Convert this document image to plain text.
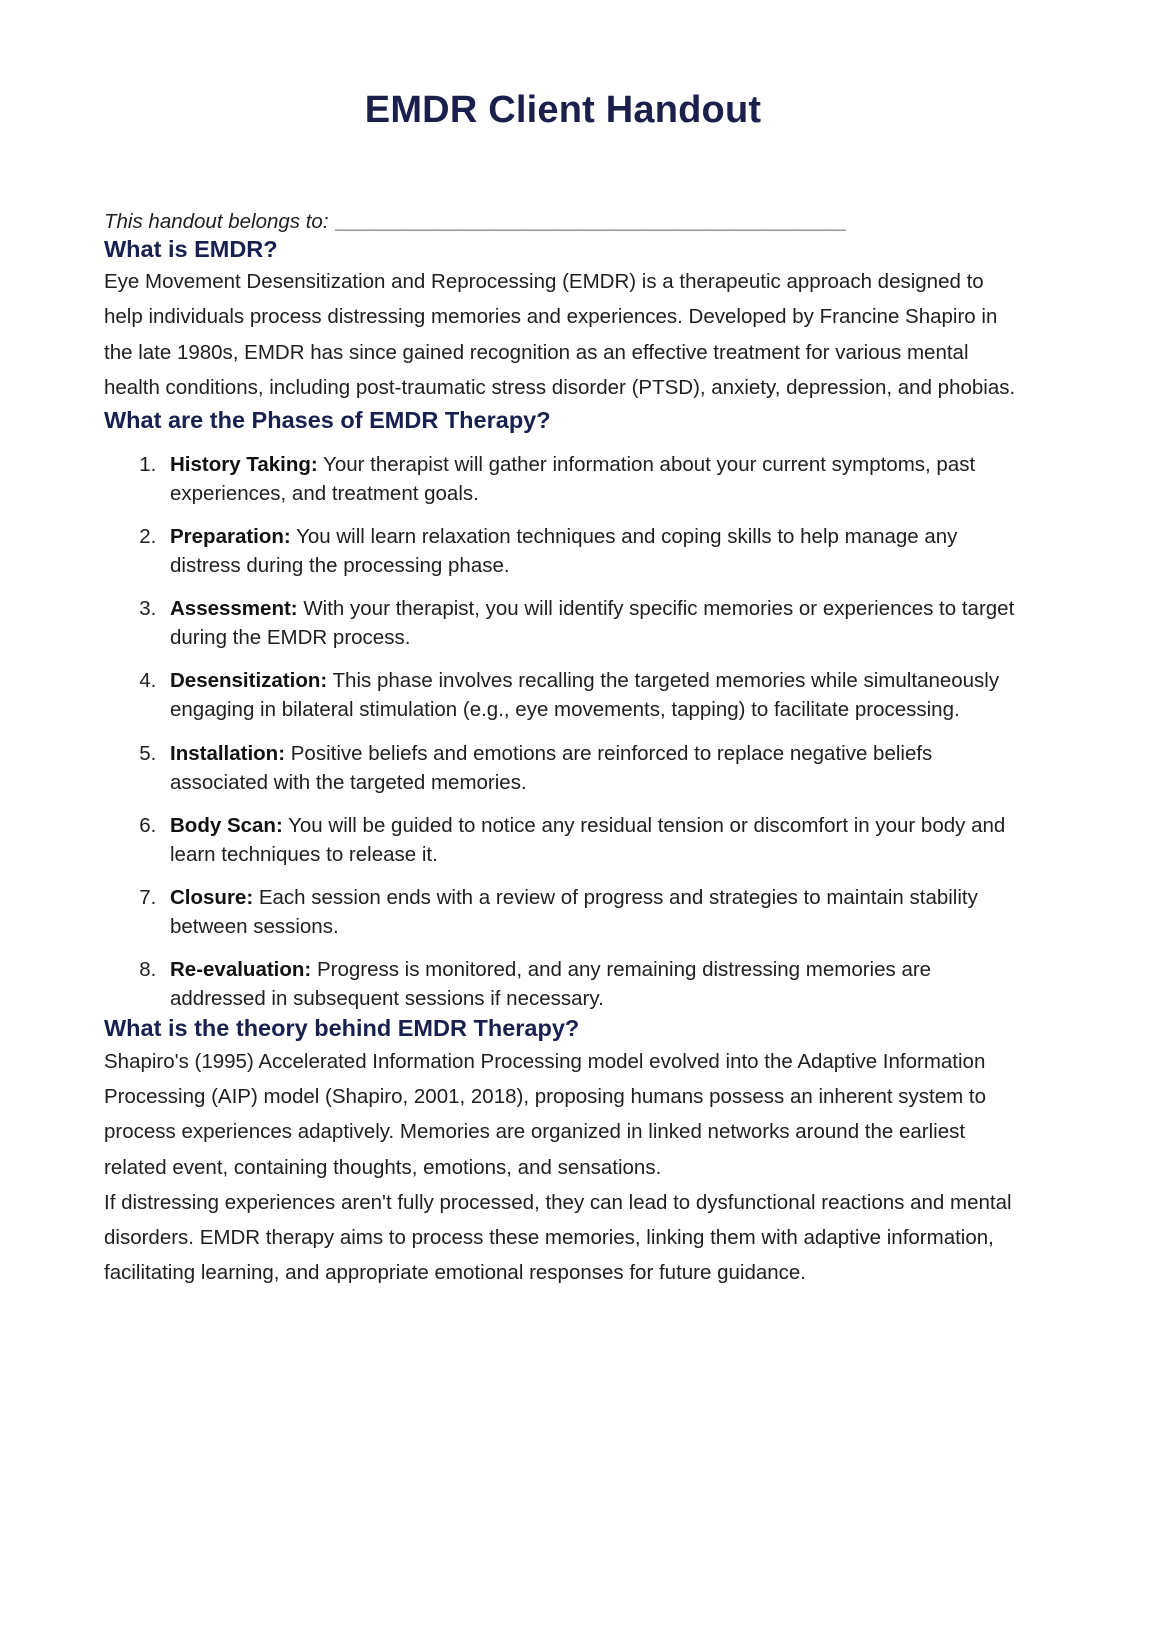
EMDR Client Handout
This handout belongs to: _______________________________________________
What is EMDR?

Eye Movement Desensitization and Reprocessing (EMDR) is a therapeutic approach designed to help individuals process distressing memories and experiences. Developed by Francine Shapiro in the late 1980s, EMDR has since gained recognition as an effective treatment for various mental health conditions, including post-traumatic stress disorder (PTSD), anxiety, depression, and phobias.

What are the Phases of EMDR Therapy?
1. History Taking: Your therapist will gather information about your current symptoms, past experiences, and treatment goals.
2. Preparation: You will learn relaxation techniques and coping skills to help manage any distress during the processing phase.
3. Assessment: With your therapist, you will identify specific memories or experiences to target during the EMDR process.
4. Desensitization: This phase involves recalling the targeted memories while simultaneously engaging in bilateral stimulation (e.g., eye movements, tapping) to facilitate processing.
5. Installation: Positive beliefs and emotions are reinforced to replace negative beliefs associated with the targeted memories.
6. Body Scan: You will be guided to notice any residual tension or discomfort in your body and learn techniques to release it.
7. Closure: Each session ends with a review of progress and strategies to maintain stability between sessions.
8. Re-evaluation: Progress is monitored, and any remaining distressing memories are addressed in subsequent sessions if necessary.
What is the theory behind EMDR Therapy?

Shapiro's (1995) Accelerated Information Processing model evolved into the Adaptive Information Processing (AIP) model (Shapiro, 2001, 2018), proposing humans possess an inherent system to process experiences adaptively. Memories are organized in linked networks around the earliest related event, containing thoughts, emotions, and sensations.

If distressing experiences aren't fully processed, they can lead to dysfunctional reactions and mental disorders. EMDR therapy aims to process these memories, linking them with adaptive information, facilitating learning, and appropriate emotional responses for future guidance.
